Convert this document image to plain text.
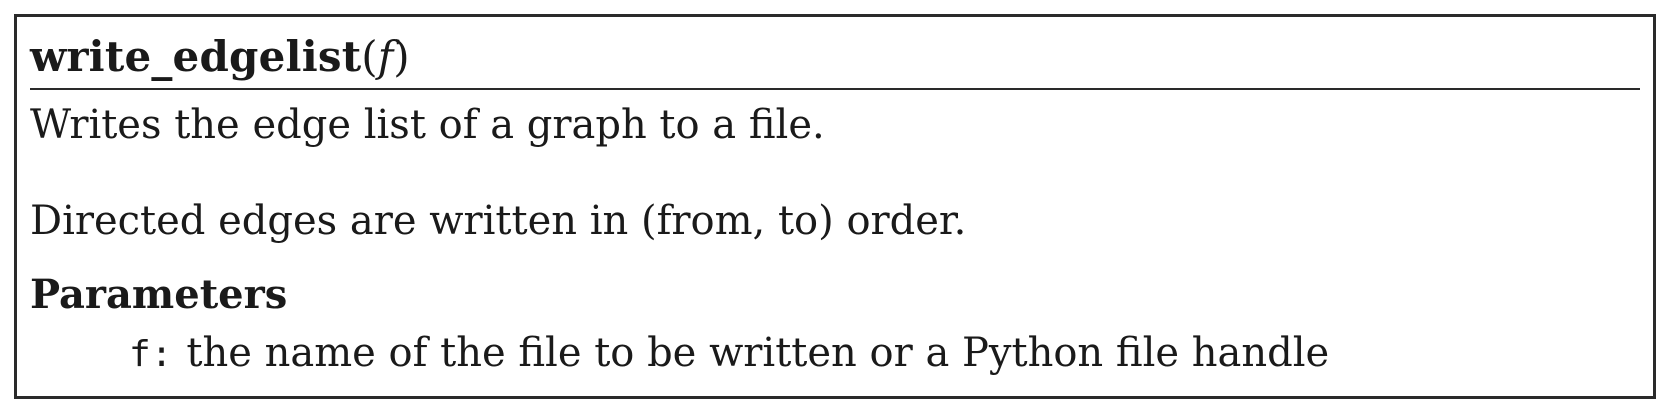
write_edgelist ( f )
Writes the edge list of a graph to a file.
Directed edges are written in (from, to) order.
Parameters
f : the name of the file to be written or a Python file handle
